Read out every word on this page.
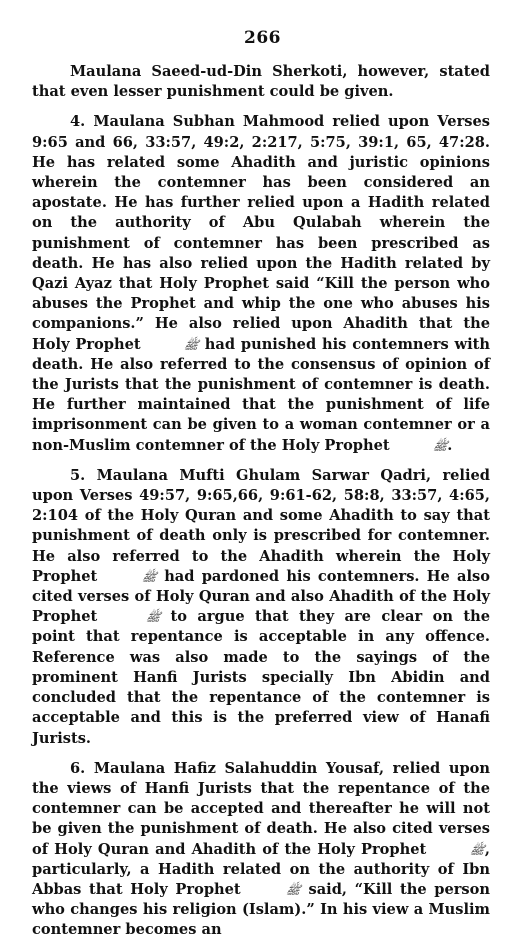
266

Maulana Saeed-ud-Din Sherkoti, however, stated that even lesser punishment could be given.

4. Maulana Subhan Mahmood relied upon Verses 9:65 and 66, 33:57, 49:2, 2:217, 5:75, 39:1, 65, 47:28. He has related some Ahadith and juristic opinions wherein the contemner has been considered an apostate. He has further relied upon a Hadith related on the authority of Abu Qulabah wherein the punishment of contemner has been prescribed as death. He has also relied upon the Hadith related by Qazi Ayaz that Holy Prophet said “Kill the person who abuses the Prophet and whip the one who abuses his companions.” He also relied upon Ahadith that the Holy Prophet	ﷺ had punished his contemners with death. He also referred to the consensus of opinion of the Jurists that the punishment of contemner is death. He further maintained that the punishment of life imprisonment can be given to a woman contemner or a non-Muslim contemner of the Holy Prophet	ﷺ.

5. Maulana Mufti Ghulam Sarwar Qadri, relied upon Verses 49:57, 9:65,66, 9:61-62, 58:8, 33:57, 4:65, 2:104 of the Holy Quran and some Ahadith to say that punishment of death only is prescribed for contemner. He also referred to the Ahadith wherein the Holy Prophet	ﷺ had pardoned his contemners. He also cited verses of Holy Quran and also Ahadith of the Holy Prophet	ﷺ to argue that they are clear on the point that repentance is acceptable in any offence. Reference was also made to the sayings of the prominent Hanfi Jurists specially Ibn Abidin and concluded that the repentance of the contemner is acceptable and this is the preferred view of Hanafi Jurists.

6. Maulana Hafiz Salahuddin Yousaf, relied upon the views of Hanfi Jurists that the repentance of the contemner can be accepted and thereafter he will not be given the punishment of death. He also cited verses of Holy Quran and Ahadith of the Holy Prophet	ﷺ, particularly, a Hadith related on the authority of Ibn Abbas that Holy Prophet	ﷺ said, “Kill the person who changes his religion (Islam).” In his view a Muslim contemner becomes an
